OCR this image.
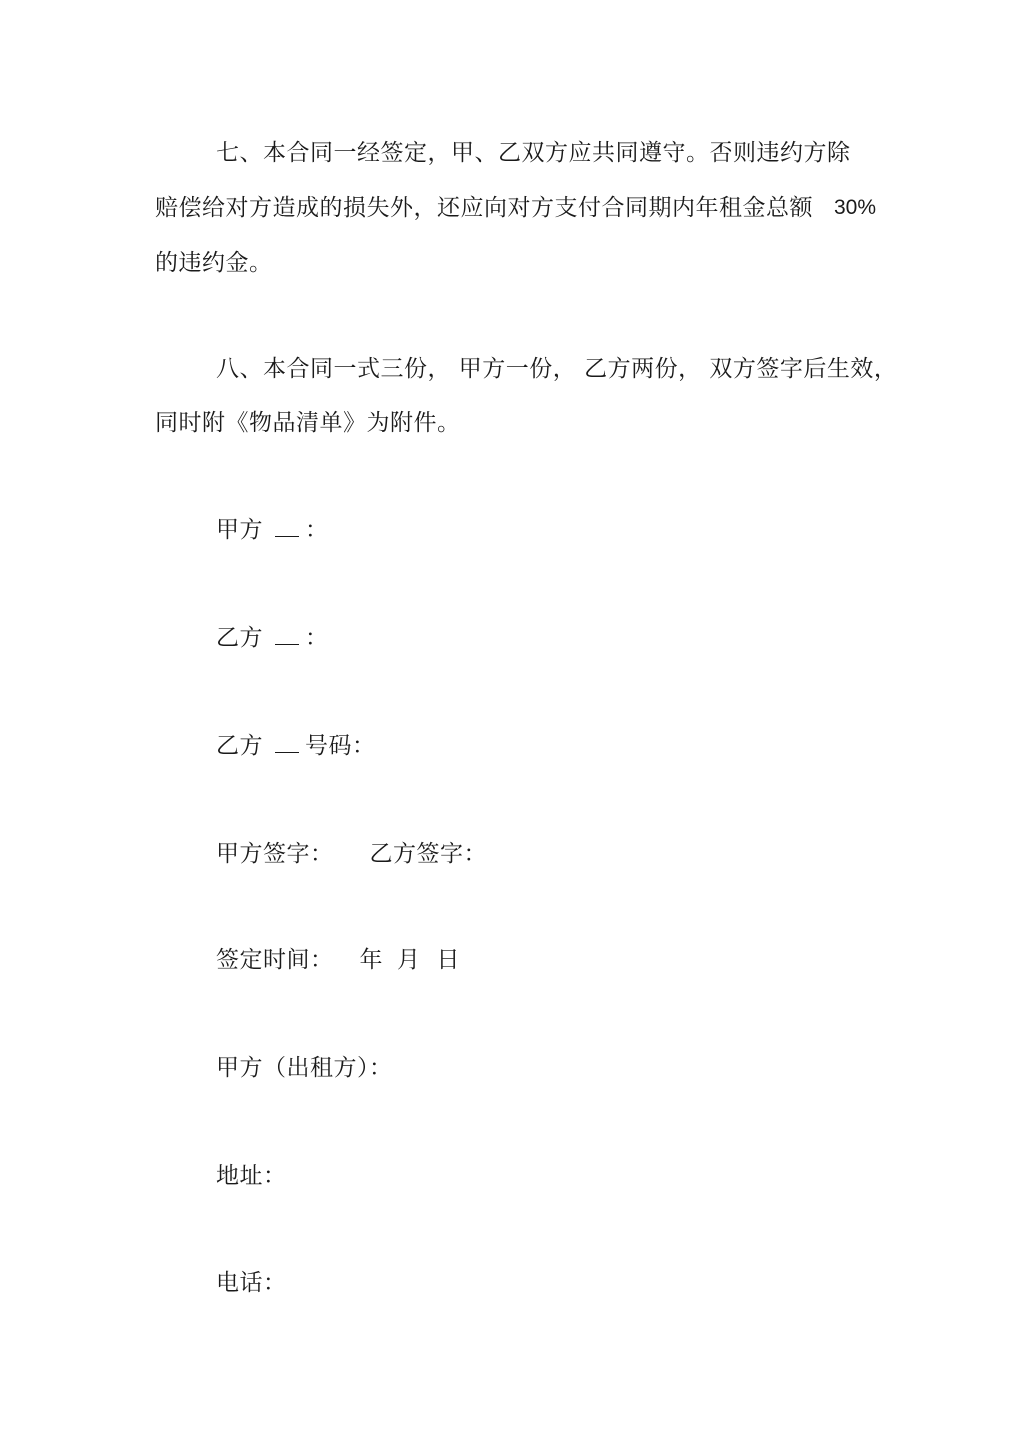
七、本合同一经签定，甲、乙双方应共同遵守。否则违约方除
赔偿给对方造成的损失外，还应向对方支付合同期内年租金总额 30%
的违约金。
八、本合同一式三份， 甲方一份， 乙方两份， 双方签字后生效，
同时附《物品清单》为附件。
甲方 ：
乙方 ：
乙方 号码：
甲方签字： 乙方签字：
签定时间： 年 月 日
甲方（出租方）：
地址：
电话：
